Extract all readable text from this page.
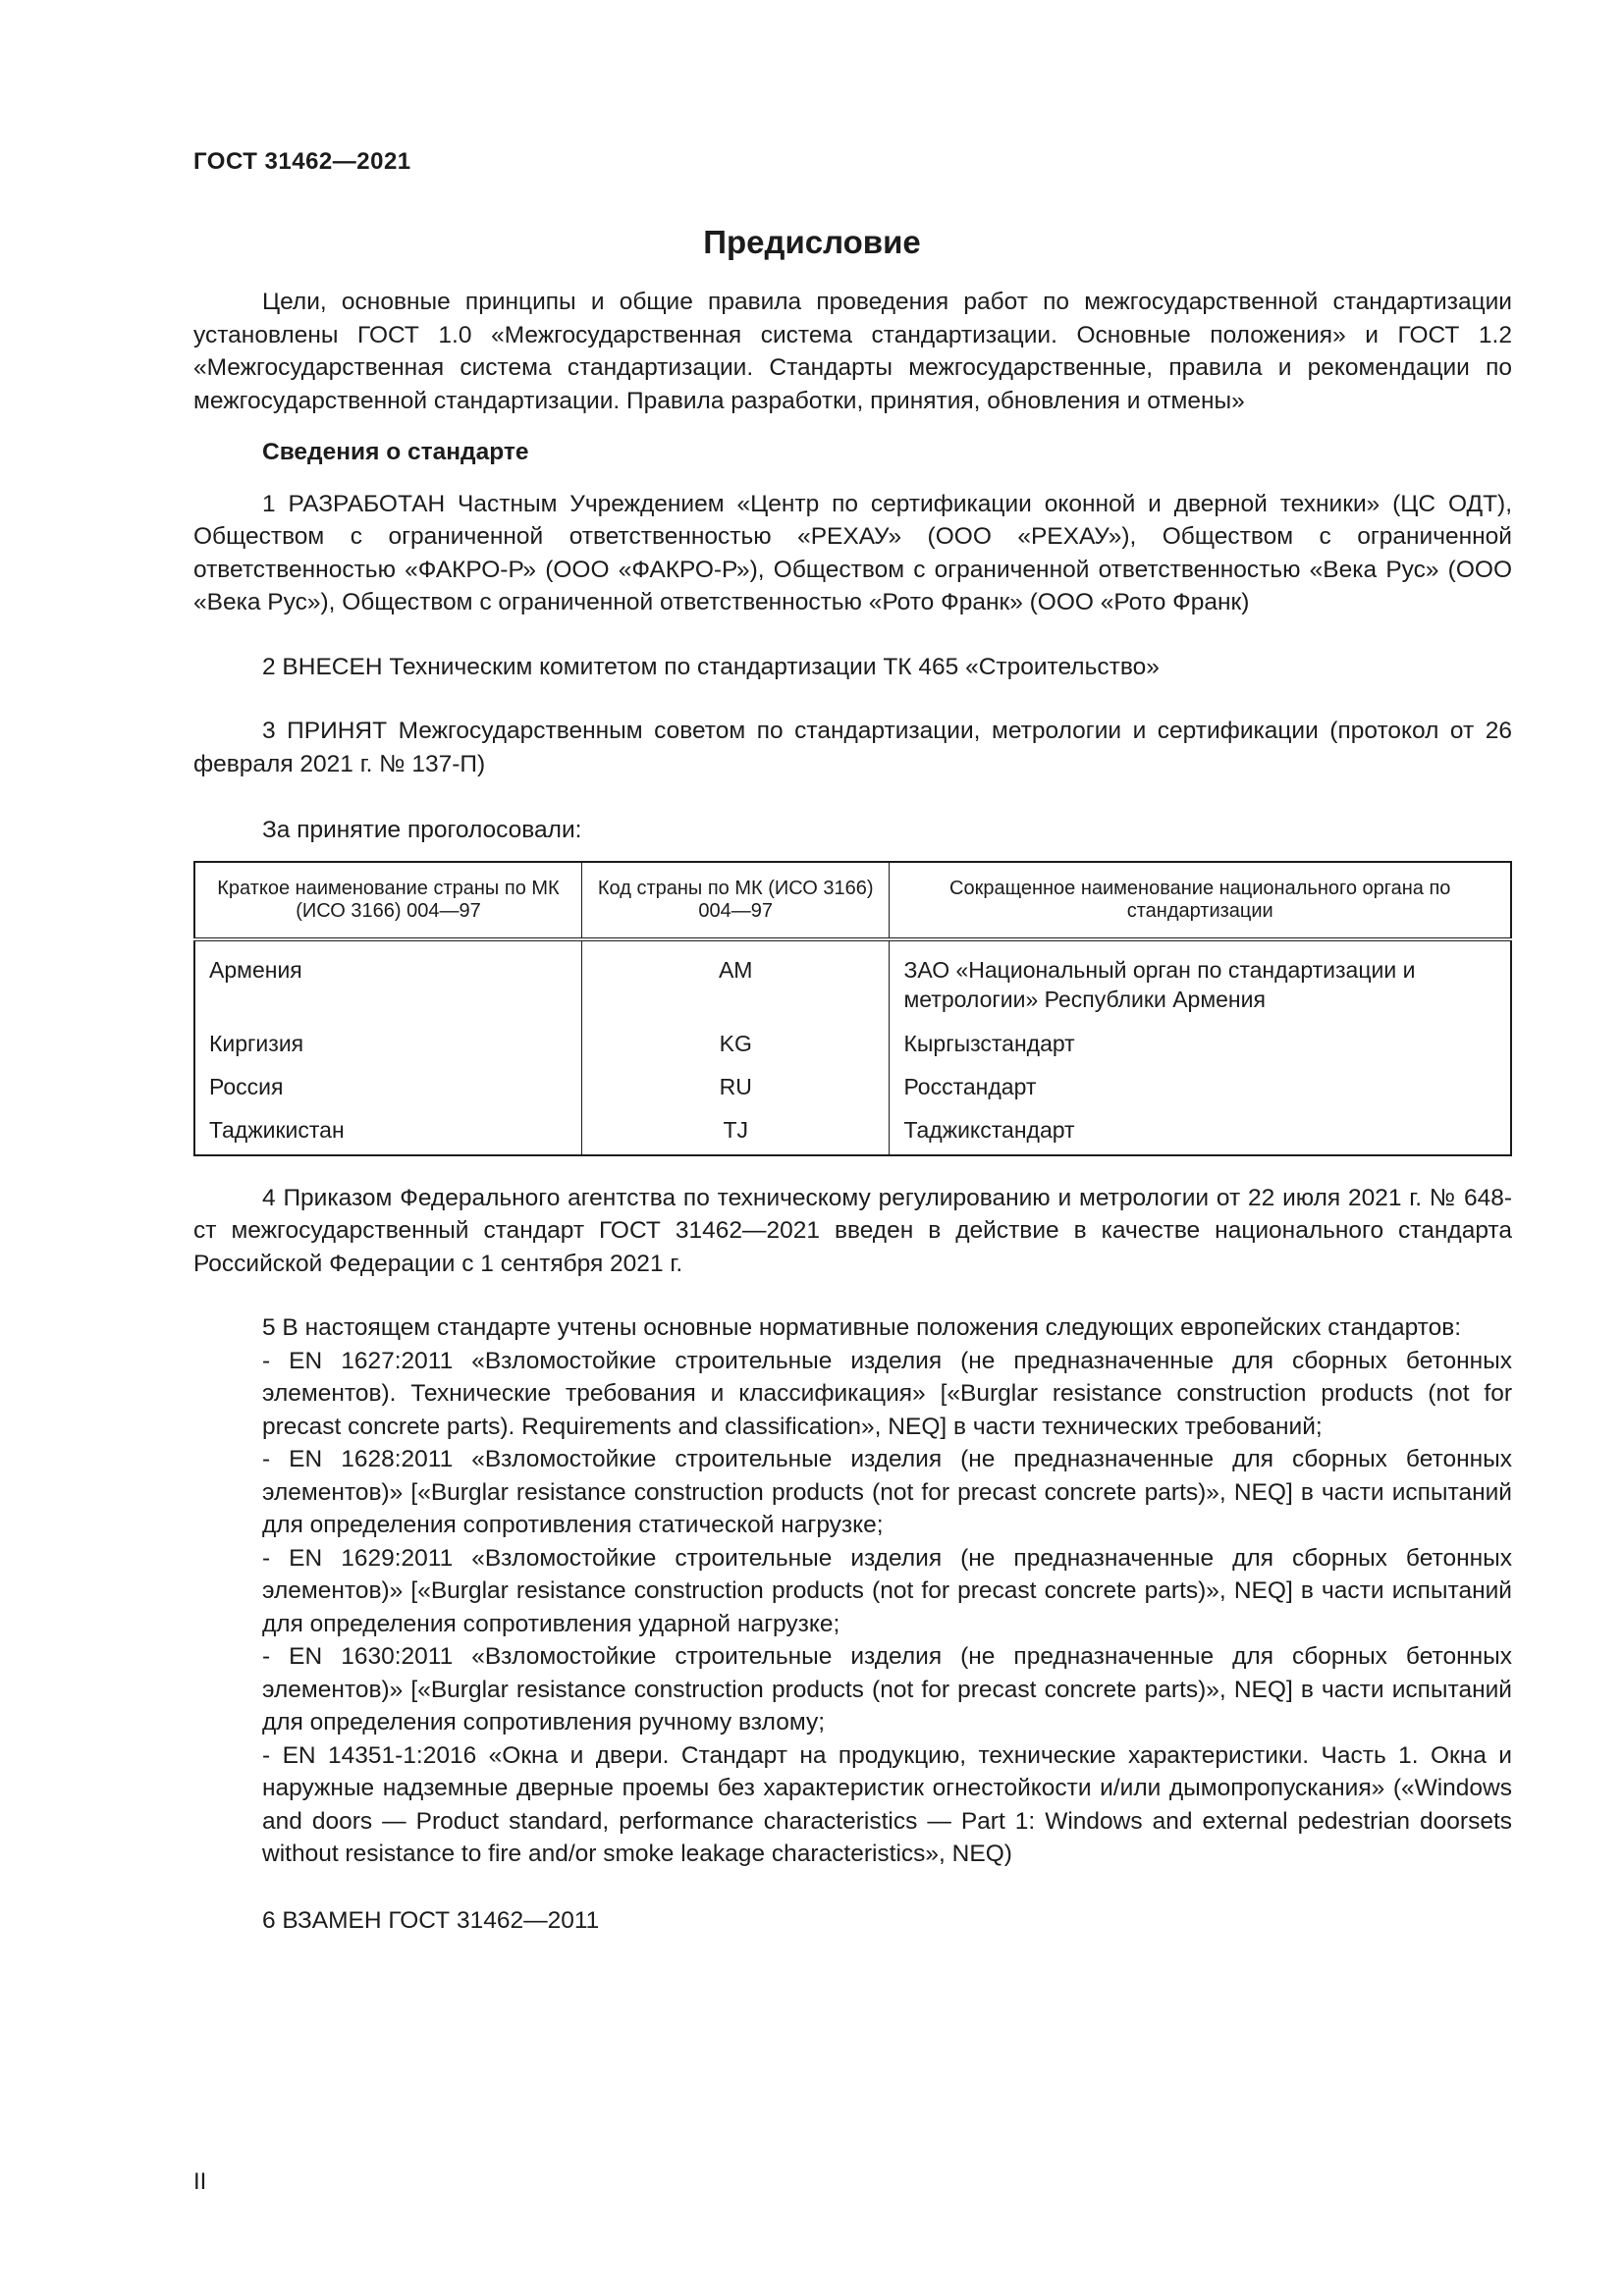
ГОСТ 31462—2021
Предисловие

Цели, основные принципы и общие правила проведения работ по межгосударственной стандартизации установлены ГОСТ 1.0 «Межгосударственная система стандартизации. Основные положения» и ГОСТ 1.2 «Межгосударственная система стандартизации. Стандарты межгосударственные, правила и рекомендации по межгосударственной стандартизации. Правила разработки, принятия, обновления и отмены»

Сведения о стандарте

1 РАЗРАБОТАН Частным Учреждением «Центр по сертификации оконной и дверной техники» (ЦС ОДТ), Обществом с ограниченной ответственностью «РЕХАУ» (ООО «РЕХАУ»), Обществом с ограниченной ответственностью «ФАКРО-Р» (ООО «ФАКРО-Р»), Обществом с ограниченной ответственностью «Века Рус» (ООО «Века Рус»), Обществом с ограниченной ответственностью «Рото Франк» (ООО «Рото Франк)

2 ВНЕСЕН Техническим комитетом по стандартизации ТК 465 «Строительство»

3 ПРИНЯТ Межгосударственным советом по стандартизации, метрологии и сертификации (протокол от 26 февраля 2021 г. № 137-П)

За принятие проголосовали:

Краткое наименование страны по МК (ИСО 3166) 004—97	Код страны по МК (ИСО 3166) 004—97	Сокращенное наименование национального органа по стандартизации
Армения	AM	ЗАО «Национальный орган по стандартизации и метрологии» Республики Армения
Киргизия	KG	Кыргызстандарт
Россия	RU	Росстандарт
Таджикистан	TJ	Таджикстандарт

4 Приказом Федерального агентства по техническому регулированию и метрологии от 22 июля 2021 г. № 648-ст межгосударственный стандарт ГОСТ 31462—2021 введен в действие в качестве национального стандарта Российской Федерации с 1 сентября 2021 г.

5 В настоящем стандарте учтены основные нормативные положения следующих европейских стандартов:

- EN 1627:2011 «Взломостойкие строительные изделия (не предназначенные для сборных бетонных элементов). Технические требования и классификация» [«Burglar resistance construction products (not for precast concrete parts). Requirements and classification», NEQ] в части технических требований;

- EN 1628:2011 «Взломостойкие строительные изделия (не предназначенные для сборных бетонных элементов)» [«Burglar resistance construction products (not for precast concrete parts)», NEQ] в части испытаний для определения сопротивления статической нагрузке;

- EN 1629:2011 «Взломостойкие строительные изделия (не предназначенные для сборных бетонных элементов)» [«Burglar resistance construction products (not for precast concrete parts)», NEQ] в части испытаний для определения сопротивления ударной нагрузке;

- EN 1630:2011 «Взломостойкие строительные изделия (не предназначенные для сборных бетонных элементов)» [«Burglar resistance construction products (not for precast concrete parts)», NEQ] в части испытаний для определения сопротивления ручному взлому;

- EN 14351-1:2016 «Окна и двери. Стандарт на продукцию, технические характеристики. Часть 1. Окна и наружные надземные дверные проемы без характеристик огнестойкости и/или дымопропускания» («Windows and doors — Product standard, performance characteristics — Part 1: Windows and external pedestrian doorsets without resistance to fire and/or smoke leakage characteristics», NEQ)

6 ВЗАМЕН ГОСТ 31462—2011

II
